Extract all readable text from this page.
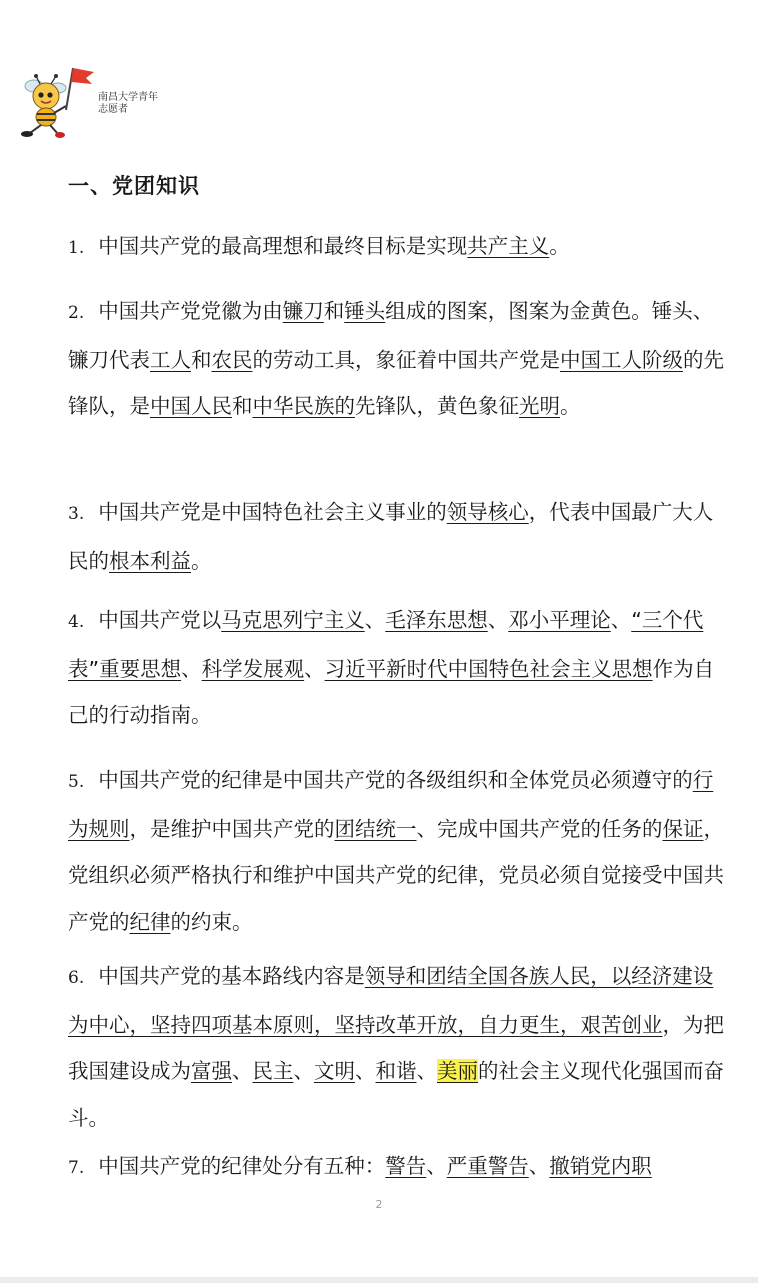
南昌大学青年
志愿者
一、党团知识
1. 中国共产党的最高理想和最终目标是实现共产主义。
2. 中国共产党党徽为由镰刀和锤头组成的图案，图案为金黄色。锤头、镰刀代表工人和农民的劳动工具，象征着中国共产党是中国工人阶级的先锋队，是中国人民和中华民族的先锋队，黄色象征光明。
3. 中国共产党是中国特色社会主义事业的领导核心，代表中国最广大人民的根本利益。
4. 中国共产党以马克思列宁主义、毛泽东思想、邓小平理论、“三个代表”重要思想、科学发展观、习近平新时代中国特色社会主义思想作为自己的行动指南。
5. 中国共产党的纪律是中国共产党的各级组织和全体党员必须遵守的行为规则，是维护中国共产党的团结统一、完成中国共产党的任务的保证，党组织必须严格执行和维护中国共产党的纪律，党员必须自觉接受中国共产党的纪律的约束。
6. 中国共产党的基本路线内容是领导和团结全国各族人民，以经济建设为中心，坚持四项基本原则，坚持改革开放，自力更生，艰苦创业，为把我国建设成为富强、民主、文明、和谐、美丽的社会主义现代化强国而奋斗。
7. 中国共产党的纪律处分有五种：警告、严重警告、撤销党内职
2
